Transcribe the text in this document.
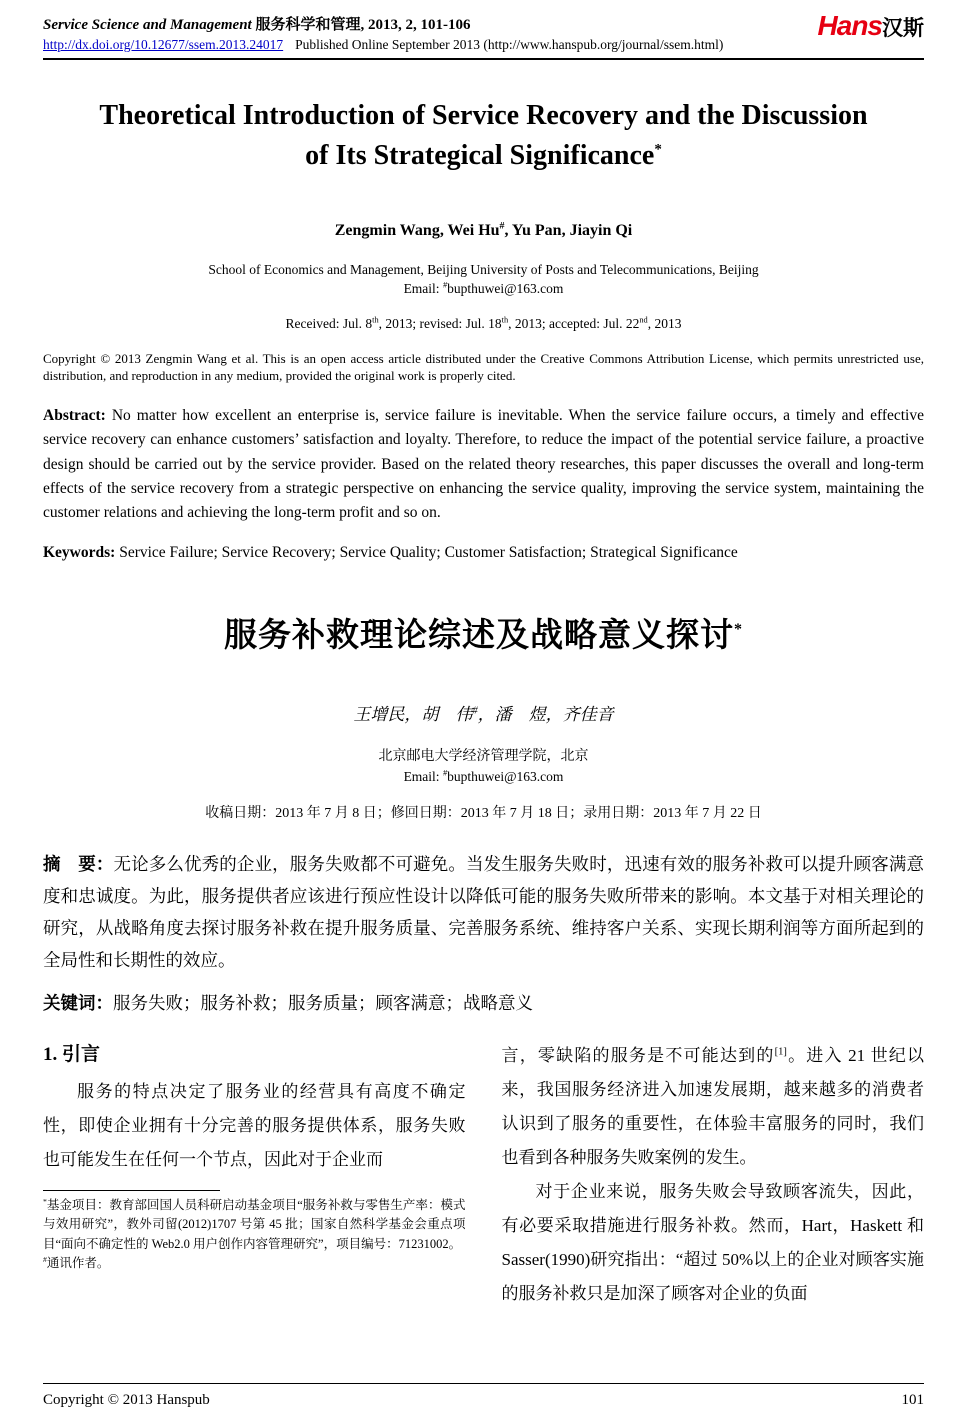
Service Science and Management 服务科学和管理, 2013, 2, 101-106
http://dx.doi.org/10.12677/ssem.2013.24017 Published Online September 2013 (http://www.hanspub.org/journal/ssem.html)
Hans汉斯
Theoretical Introduction of Service Recovery and the Discussion of Its Strategical Significance*

Zengmin Wang, Wei Hu#, Yu Pan, Jiayin Qi

School of Economics and Management, Beijing University of Posts and Telecommunications, Beijing

Email: #bupthuwei@163.com

Received: Jul. 8th, 2013; revised: Jul. 18th, 2013; accepted: Jul. 22nd, 2013

Copyright © 2013 Zengmin Wang et al. This is an open access article distributed under the Creative Commons Attribution License, which permits unrestricted use, distribution, and reproduction in any medium, provided the original work is properly cited.

Abstract: No matter how excellent an enterprise is, service failure is inevitable. When the service failure occurs, a timely and effective service recovery can enhance customers’ satisfaction and loyalty. Therefore, to reduce the impact of the potential service failure, a proactive design should be carried out by the service provider. Based on the related theory researches, this paper discusses the overall and long-term effects of the service recovery from a strategic perspective on enhancing the service quality, improving the service system, maintaining the customer relations and achieving the long-term profit and so on.

Keywords: Service Failure; Service Recovery; Service Quality; Customer Satisfaction; Strategical Significance

服务补救理论综述及战略意义探讨*

王增民，胡　伟#，潘　煜，齐佳音

北京邮电大学经济管理学院，北京

Email: #bupthuwei@163.com

收稿日期：2013 年 7 月 8 日；修回日期：2013 年 7 月 18 日；录用日期：2013 年 7 月 22 日

摘　要：无论多么优秀的企业，服务失败都不可避免。当发生服务失败时，迅速有效的服务补救可以提升顾客满意度和忠诚度。为此，服务提供者应该进行预应性设计以降低可能的服务失败所带来的影响。本文基于对相关理论的研究，从战略角度去探讨服务补救在提升服务质量、完善服务系统、维持客户关系、实现长期利润等方面所起到的全局性和长期性的效应。

关键词：服务失败；服务补救；服务质量；顾客满意；战略意义

1. 引言

服务的特点决定了服务业的经营具有高度不确定性，即使企业拥有十分完善的服务提供体系，服务失败也可能发生在任何一个节点，因此对于企业而

*基金项目：教育部回国人员科研启动基金项目“服务补救与零售生产率：模式与效用研究”，教外司留(2012)1707 号第 45 批；国家自然科学基金会重点项目“面向不确定性的 Web2.0 用户创作内容管理研究”，项目编号：71231002。

#通讯作者。

言，零缺陷的服务是不可能达到的[1]。进入 21 世纪以来，我国服务经济进入加速发展期，越来越多的消费者认识到了服务的重要性，在体验丰富服务的同时，我们也看到各种服务失败案例的发生。

对于企业来说，服务失败会导致顾客流失，因此，有必要采取措施进行服务补救。然而，Hart，Haskett 和 Sasser(1990)研究指出：“超过 50%以上的企业对顾客实施的服务补救只是加深了顾客对企业的负面

Copyright © 2013 Hanspub	101
